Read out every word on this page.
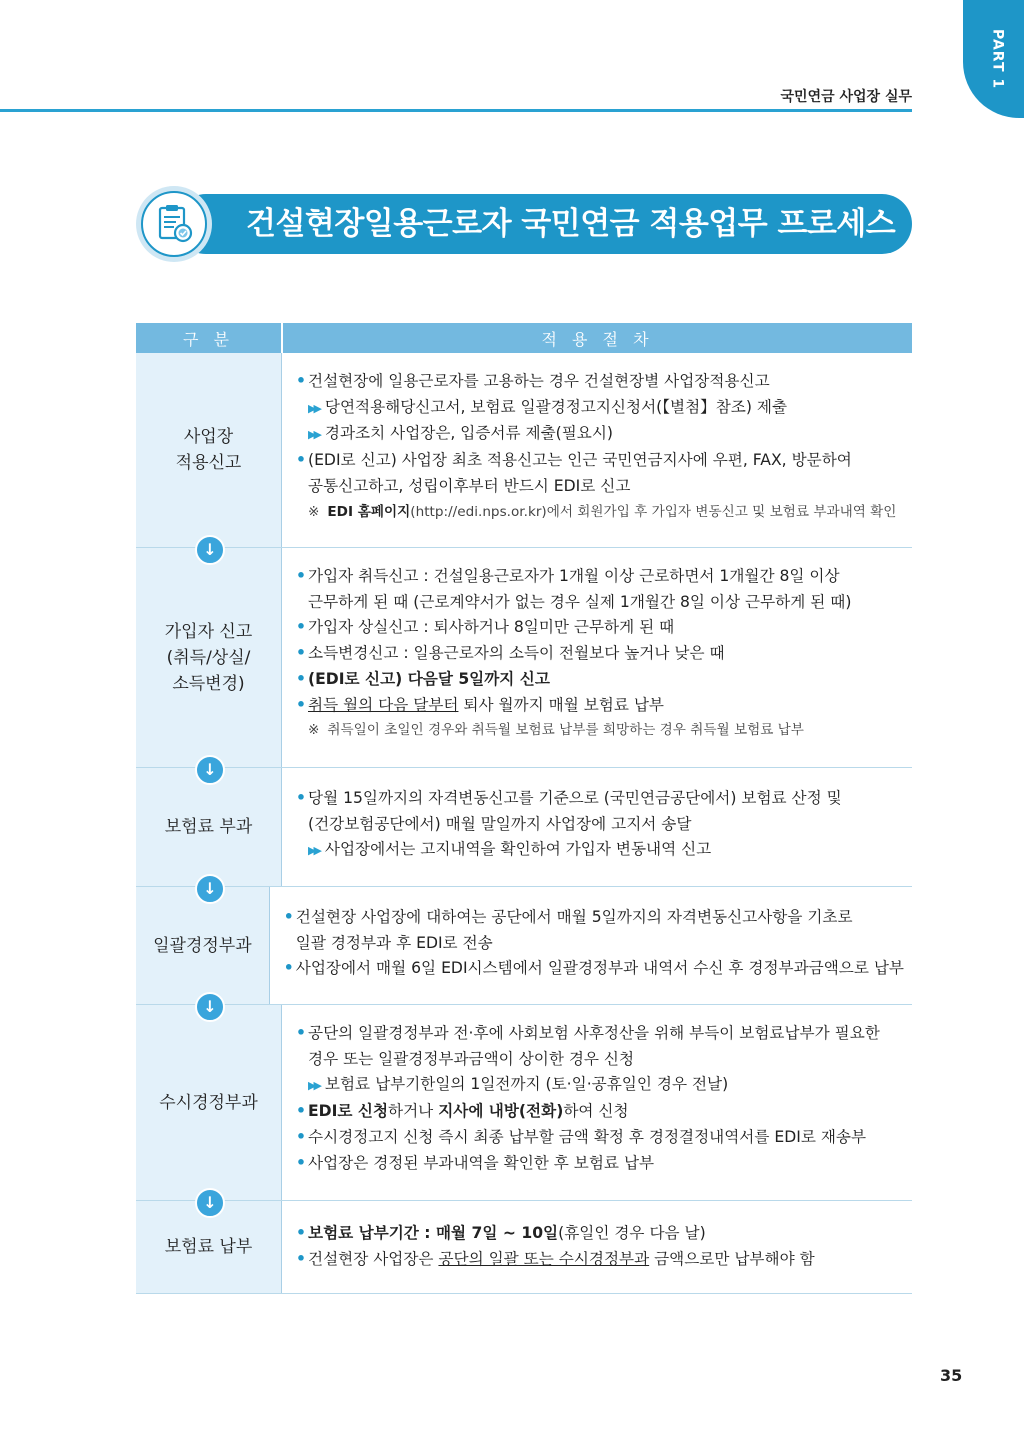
PART 1
국민연금 사업장 실무
건설현장일용근로자 국민연금 적용업무 프로세스
구 분	적 용 절 차
사업장
적용신고
• 건설현장에 일용근로자를 고용하는 경우 건설현장별 사업장적용신고
▶▶ 당연적용해당신고서, 보험료 일괄경정고지신청서(【별첨】참조) 제출
▶▶ 경과조치 사업장은, 입증서류 제출(필요시)
• (EDI로 신고) 사업장 최초 적용신고는 인근 국민연금지사에 우편, FAX, 방문하여
공통신고하고, 성립이후부터 반드시 EDI로 신고
※ EDI 홈페이지(http://edi.nps.or.kr)에서 회원가입 후 가입자 변동신고 및 보험료 부과내역 확인
가입자 신고
(취득/상실/
소득변경)
↓
• 가입자 취득신고 : 건설일용근로자가 1개월 이상 근로하면서 1개월간 8일 이상
근무하게 된 때 (근로계약서가 없는 경우 실제 1개월간 8일 이상 근무하게 된 때)
• 가입자 상실신고 : 퇴사하거나 8일미만 근무하게 된 때
• 소득변경신고 : 일용근로자의 소득이 전월보다 높거나 낮은 때
• (EDI로 신고) 다음달 5일까지 신고
• 취득 월의 다음 달부터 퇴사 월까지 매월 보험료 납부
※ 취득일이 초일인 경우와 취득월 보험료 납부를 희망하는 경우 취득월 보험료 납부
보험료 부과
↓
• 당월 15일까지의 자격변동신고를 기준으로 (국민연금공단에서) 보험료 산정 및
(건강보험공단에서) 매월 말일까지 사업장에 고지서 송달
▶▶ 사업장에서는 고지내역을 확인하여 가입자 변동내역 신고
일괄경정부과
↓
• 건설현장 사업장에 대하여는 공단에서 매월 5일까지의 자격변동신고사항을 기초로
일괄 경정부과 후 EDI로 전송
• 사업장에서 매월 6일 EDI시스템에서 일괄경정부과 내역서 수신 후 경정부과금액으로 납부
수시경정부과
↓
• 공단의 일괄경정부과 전·후에 사회보험 사후정산을 위해 부득이 보험료납부가 필요한
경우 또는 일괄경정부과금액이 상이한 경우 신청
▶▶ 보험료 납부기한일의 1일전까지 (토·일·공휴일인 경우 전날)
• EDI로 신청하거나 지사에 내방(전화)하여 신청
• 수시경정고지 신청 즉시 최종 납부할 금액 확정 후 경정결정내역서를 EDI로 재송부
• 사업장은 경정된 부과내역을 확인한 후 보험료 납부
보험료 납부
↓
• 보험료 납부기간 : 매월 7일 ~ 10일(휴일인 경우 다음 날)
• 건설현장 사업장은 공단의 일괄 또는 수시경정부과 금액으로만 납부해야 함
35
